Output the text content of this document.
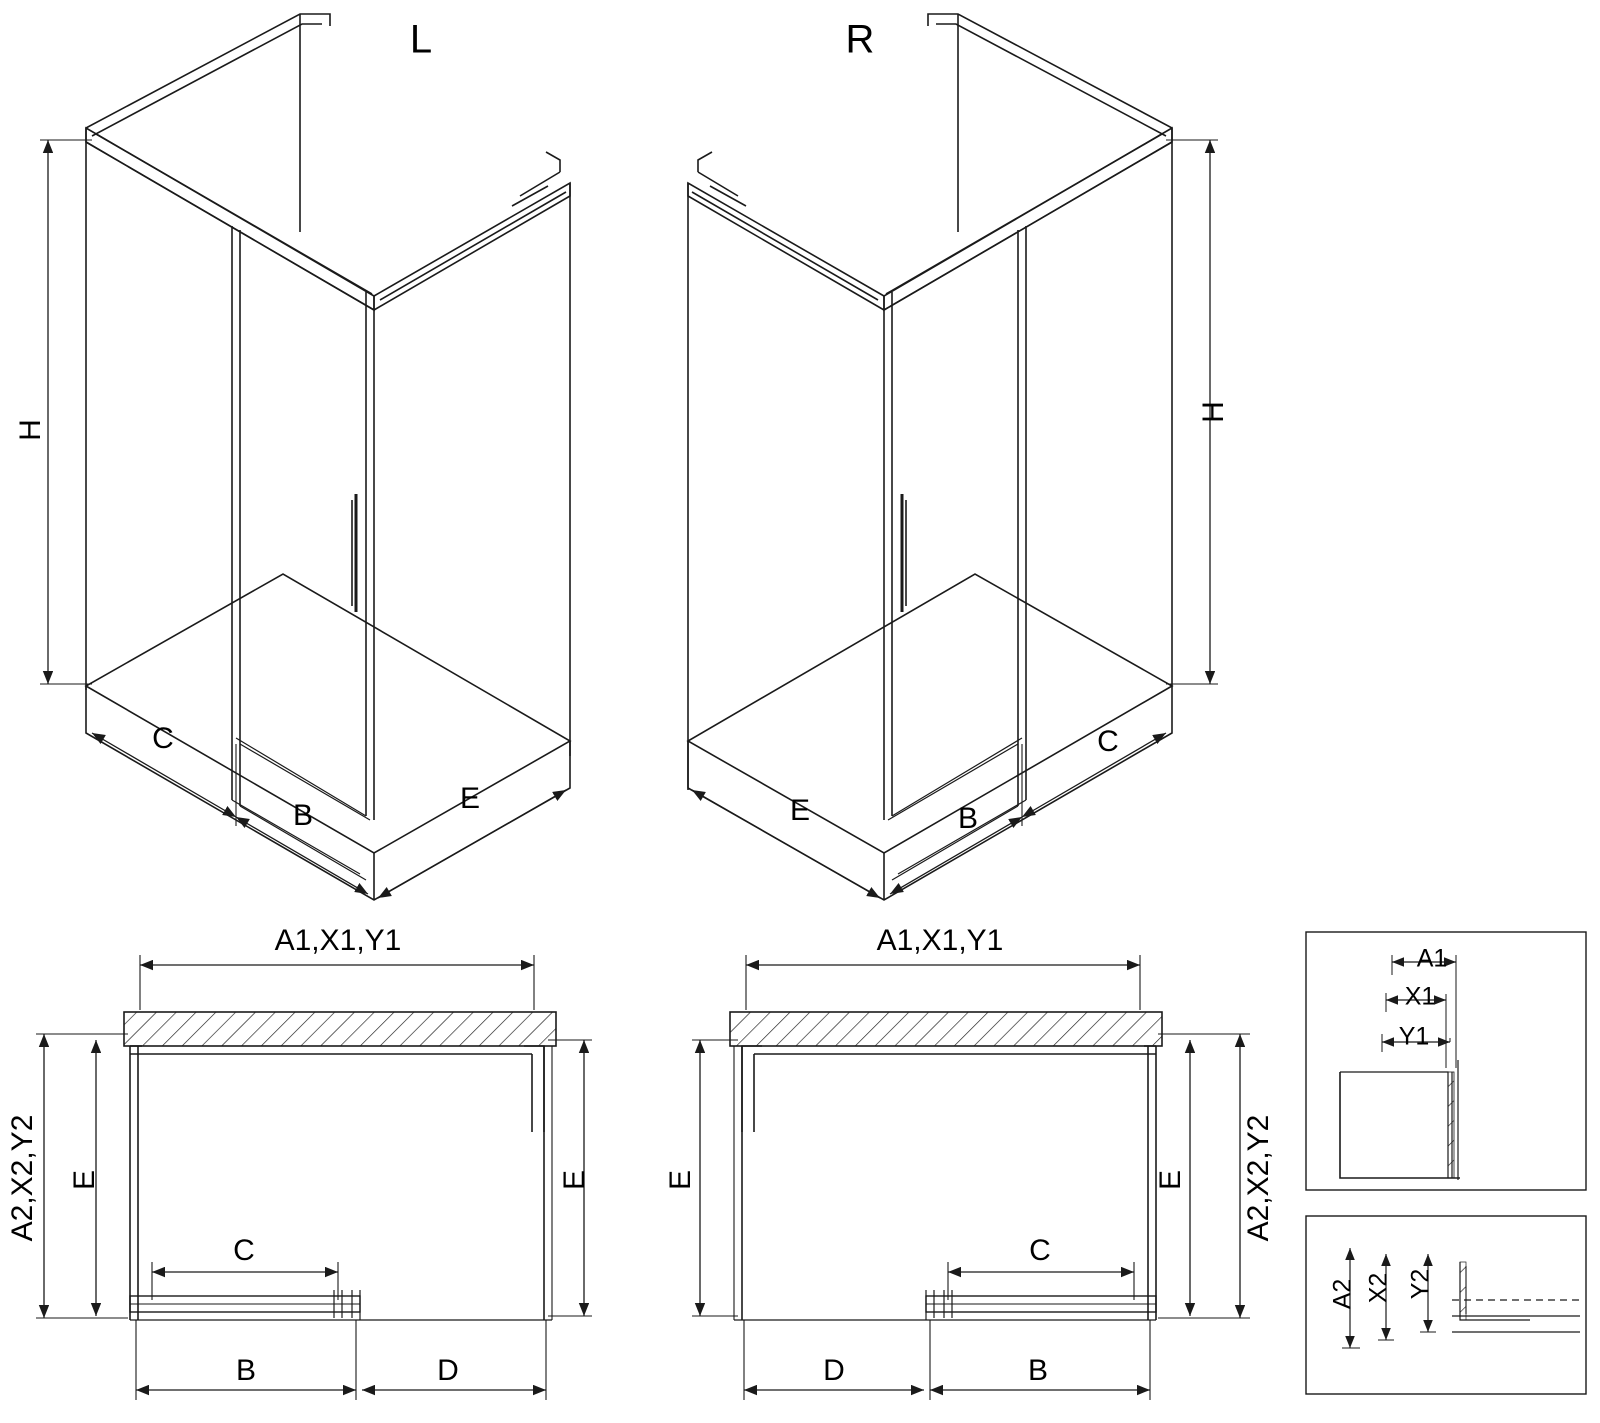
L	R
H
H
C
B
E	E	B
C
A1,X1,Y1	A1,X1,Y1
A2,X2,Y2	A2,X2,Y2
E	E E	E
C	C
B	D	D	B
A1
X1
Y1
A2 X2 Y2
